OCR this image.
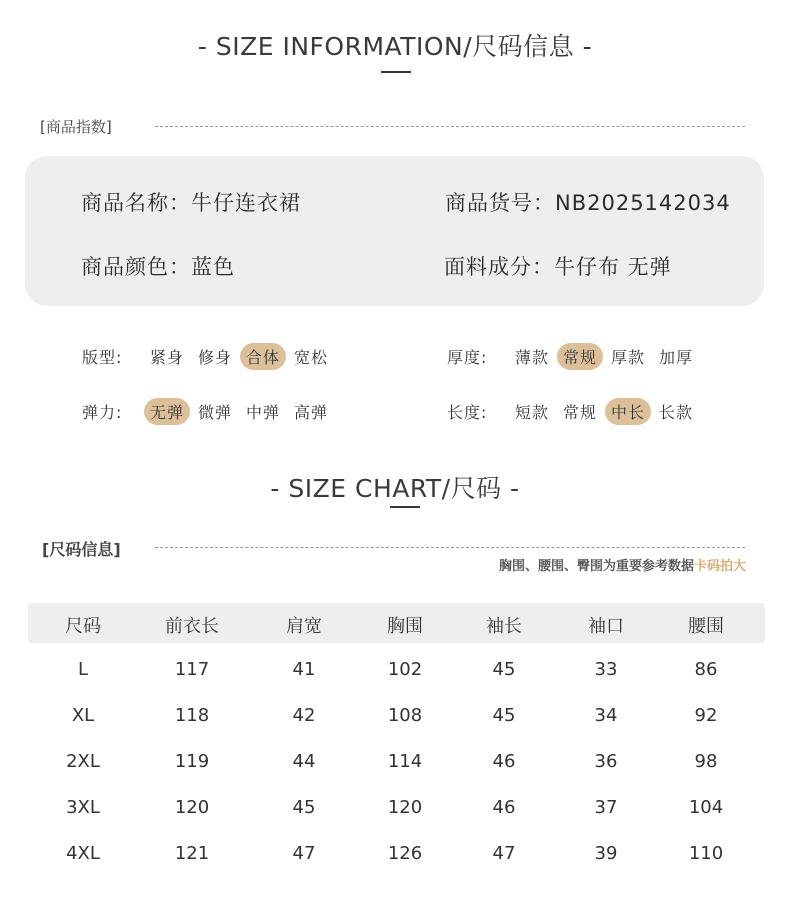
- SIZE INFORMATION/尺码信息 -
[商品指数]
商品名称：牛仔连衣裙	商品货号：NB2025142034
商品颜色：蓝色	面料成分：牛仔布 无弹
版型:	紧身 修身 合体 宽松	厚度:	薄款 常规 厚款 加厚
弹力:	无弹 微弹 中弹 高弹	长度:	短款 常规 中长 长款
- SIZE CHART/尺码 -
[尺码信息]
胸围、腰围、臀围为重要参考数据卡码拍大
尺码	前衣长	肩宽	胸围	袖长	袖口	腰围
L	117	41	102	45	33	86
XL	118	42	108	45	34	92
2XL	119	44	114	46	36	98
3XL	120	45	120	46	37	104
4XL	121	47	126	47	39	110
